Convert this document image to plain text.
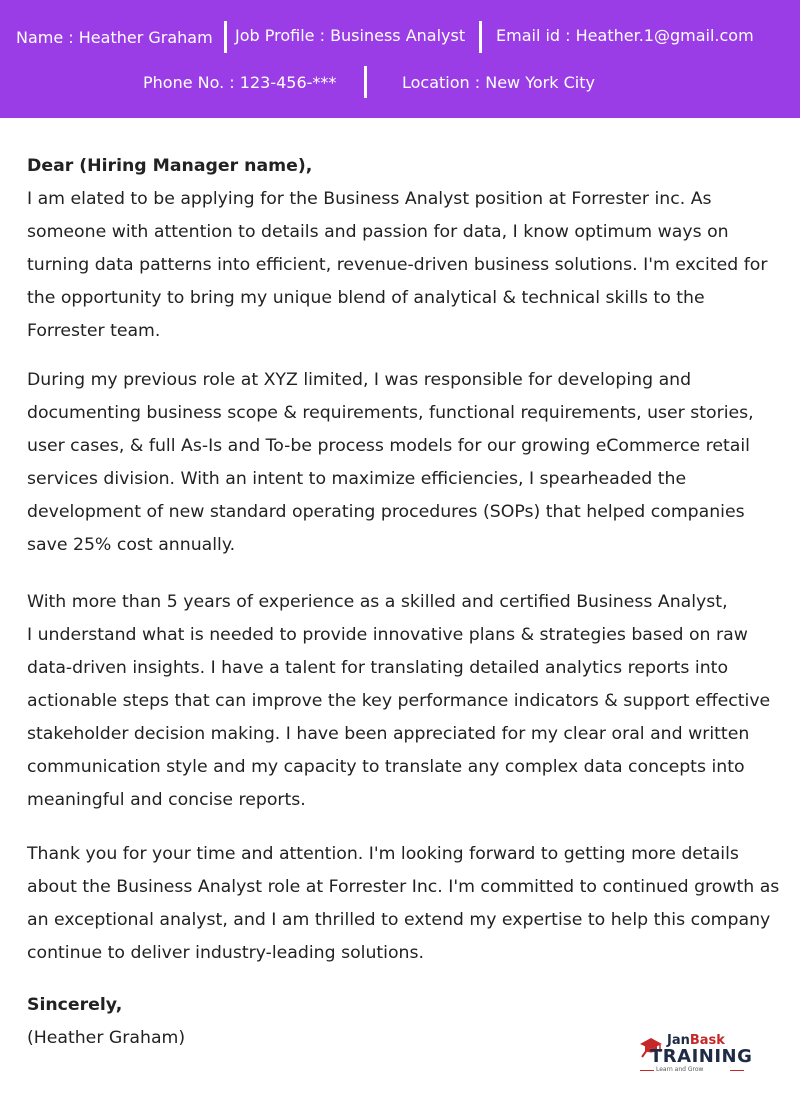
Name : Heather Graham Job Profile : Business Analyst Email id : Heather.1@gmail.com
Phone No. : 123-456-***	Location : New York City

Dear (Hiring Manager name),

I am elated to be applying for the Business Analyst position at Forrester inc. As

someone with attention to details and passion for data, I know optimum ways on

turning data patterns into efficient, revenue-driven business solutions. I'm excited for

the opportunity to bring my unique blend of analytical & technical skills to the

Forrester team.

During my previous role at XYZ limited, I was responsible for developing and

documenting business scope & requirements, functional requirements, user stories,

user cases, & full As-Is and To-be process models for our growing eCommerce retail

services division. With an intent to maximize efficiencies, I spearheaded the

development of new standard operating procedures (SOPs) that helped companies

save 25% cost annually.

With more than 5 years of experience as a skilled and certified Business Analyst,

I understand what is needed to provide innovative plans & strategies based on raw

data-driven insights. I have a talent for translating detailed analytics reports into

actionable steps that can improve the key performance indicators & support effective

stakeholder decision making. I have been appreciated for my clear oral and written

communication style and my capacity to translate any complex data concepts into

meaningful and concise reports.

Thank you for your time and attention. I'm looking forward to getting more details

about the Business Analyst role at Forrester Inc. I'm committed to continued growth as

an exceptional analyst, and I am thrilled to extend my expertise to help this company

continue to deliver industry-leading solutions.

Sincerely,

(Heather Graham)	JanBask
TRAINING
Learn and Grow
